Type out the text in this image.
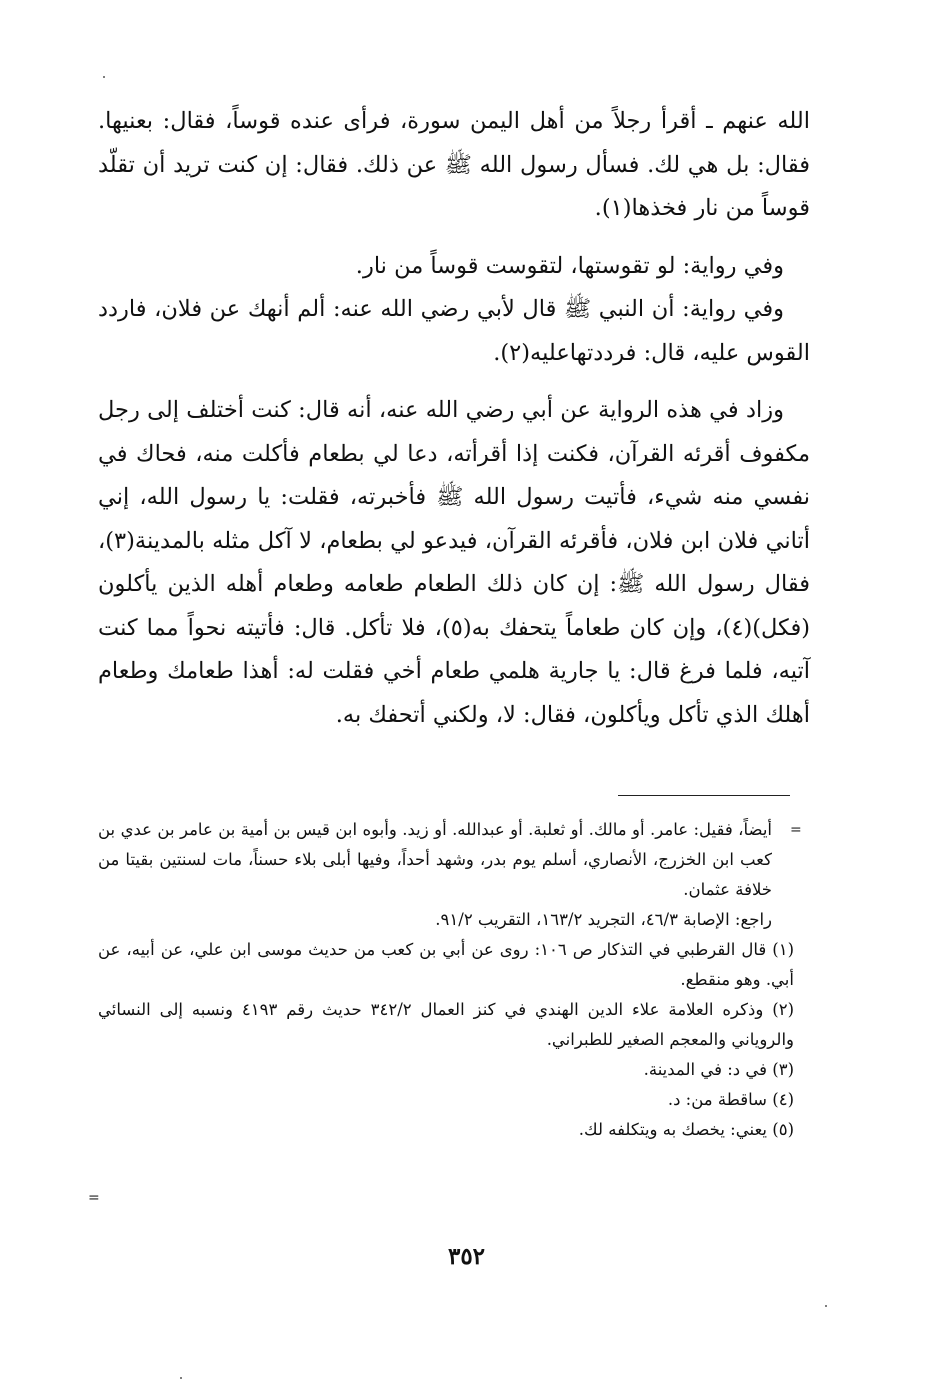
الله عنهم ـ أقرأ رجلاً من أهل اليمن سورة، فرأى عنده قوساً، فقال: بعنيها. فقال: بل هي لك. فسأل رسول الله ﷺ عن ذلك. فقال: إن كنت تريد أن تقلّد قوساً من نار فخذها(١).

وفي رواية: لو تقوستها، لتقوست قوساً من نار.

وفي رواية: أن النبي ﷺ قال لأبي رضي الله عنه: ألم أنهك عن فلان، فاردد القوس عليه، قال: فرددتهاعليه(٢).

وزاد في هذه الرواية عن أبي رضي الله عنه، أنه قال: كنت أختلف إلى رجل مكفوف أقرئه القرآن، فكنت إذا أقرأته، دعا لي بطعام فأكلت منه، فحاك في نفسي منه شيء، فأتيت رسول الله ﷺ فأخبرته، فقلت: يا رسول الله، إني أتاني فلان ابن فلان، فأقرئه القرآن، فيدعو لي بطعام، لا آكل مثله بالمدينة(٣)، فقال رسول الله ﷺ: إن كان ذلك الطعام طعامه وطعام أهله الذين يأكلون (فكل)(٤)، وإن كان طعاماً يتحفك به(٥)، فلا تأكل. قال: فأتيته نحواً مما كنت آتيه، فلما فرغ قال: يا جارية هلمي طعام أخي فقلت له: أهذا طعامك وطعام أهلك الذي تأكل ويأكلون، فقال: لا، ولكني أتحفك به.

=

أيضاً، فقيل: عامر. أو مالك. أو ثعلبة. أو عبدالله. أو زيد. وأبوه ابن قيس بن أمية بن عامر بن عدي بن كعب ابن الخزرج، الأنصاري، أسلم يوم بدر، وشهد أحداً، وفيها أبلى بلاء حسناً، مات لسنتين بقيتا من خلافة عثمان.

راجع: الإصابة ٤٦/٣، التجريد ١٦٣/٢، التقريب ٩١/٢.

(١) قال القرطبي في التذكار ص ١٠٦: روى عن أبي بن كعب من حديث موسى ابن علي، عن أبيه، عن أبي. وهو منقطع.

(٢) وذكره العلامة علاء الدين الهندي في كنز العمال ٣٤٢/٢ حديث رقم ٤١٩٣ ونسبه إلى النسائي والروياني والمعجم الصغير للطبراني.

(٣) في د: في المدينة.

(٤) ساقطة من: د.

(٥) يعني: يخصك به ويتكلفه لك.

=
٣٥٢
